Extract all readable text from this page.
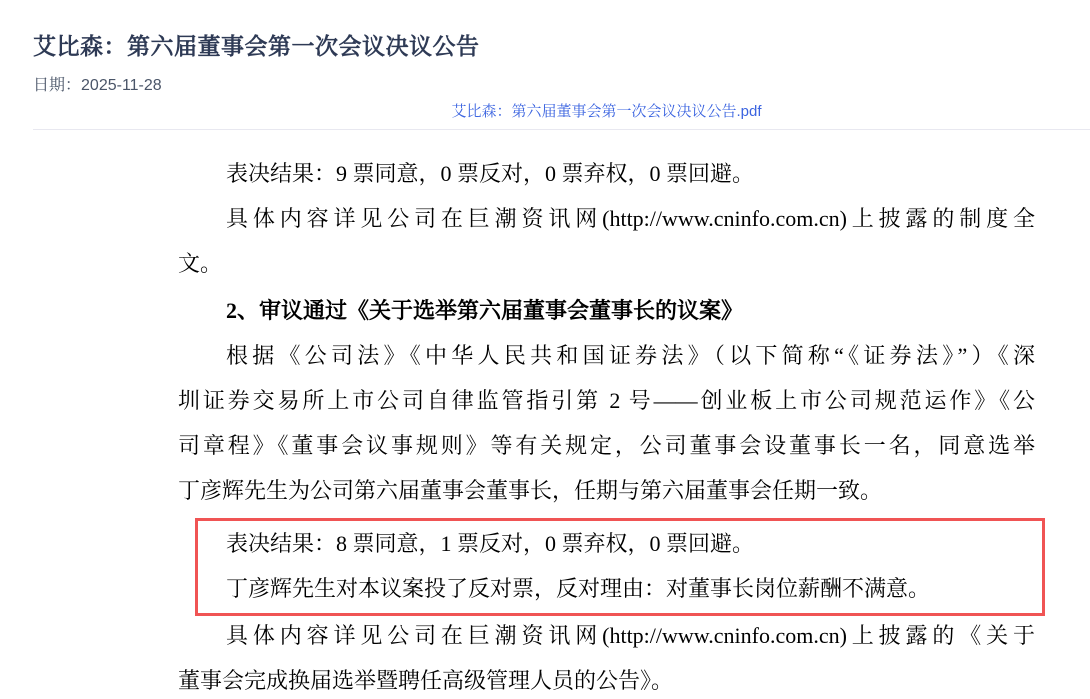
艾比森：第六届董事会第一次会议决议公告
日期：2025-11-28
艾比森：第六届董事会第一次会议决议公告.pdf
表决结果：9 票同意，0 票反对，0 票弃权，0 票回避。
具体内容详见公司在巨潮资讯网(http://www.cninfo.com.cn)上披露的制度全
文。
2、审议通过《关于选举第六届董事会董事长的议案》
根据《公司法》《中华人民共和国证券法》（以下简称“《证券法》”）《深
圳证券交易所上市公司自律监管指引第 2 号——创业板上市公司规范运作》《公
司章程》《董事会议事规则》等有关规定，公司董事会设董事长一名，同意选举
丁彦辉先生为公司第六届董事会董事长，任期与第六届董事会任期一致。
表决结果：8 票同意，1 票反对，0 票弃权，0 票回避。
丁彦辉先生对本议案投了反对票，反对理由：对董事长岗位薪酬不满意。
具体内容详见公司在巨潮资讯网(http://www.cninfo.com.cn)上披露的《关于
董事会完成换届选举暨聘任高级管理人员的公告》。
